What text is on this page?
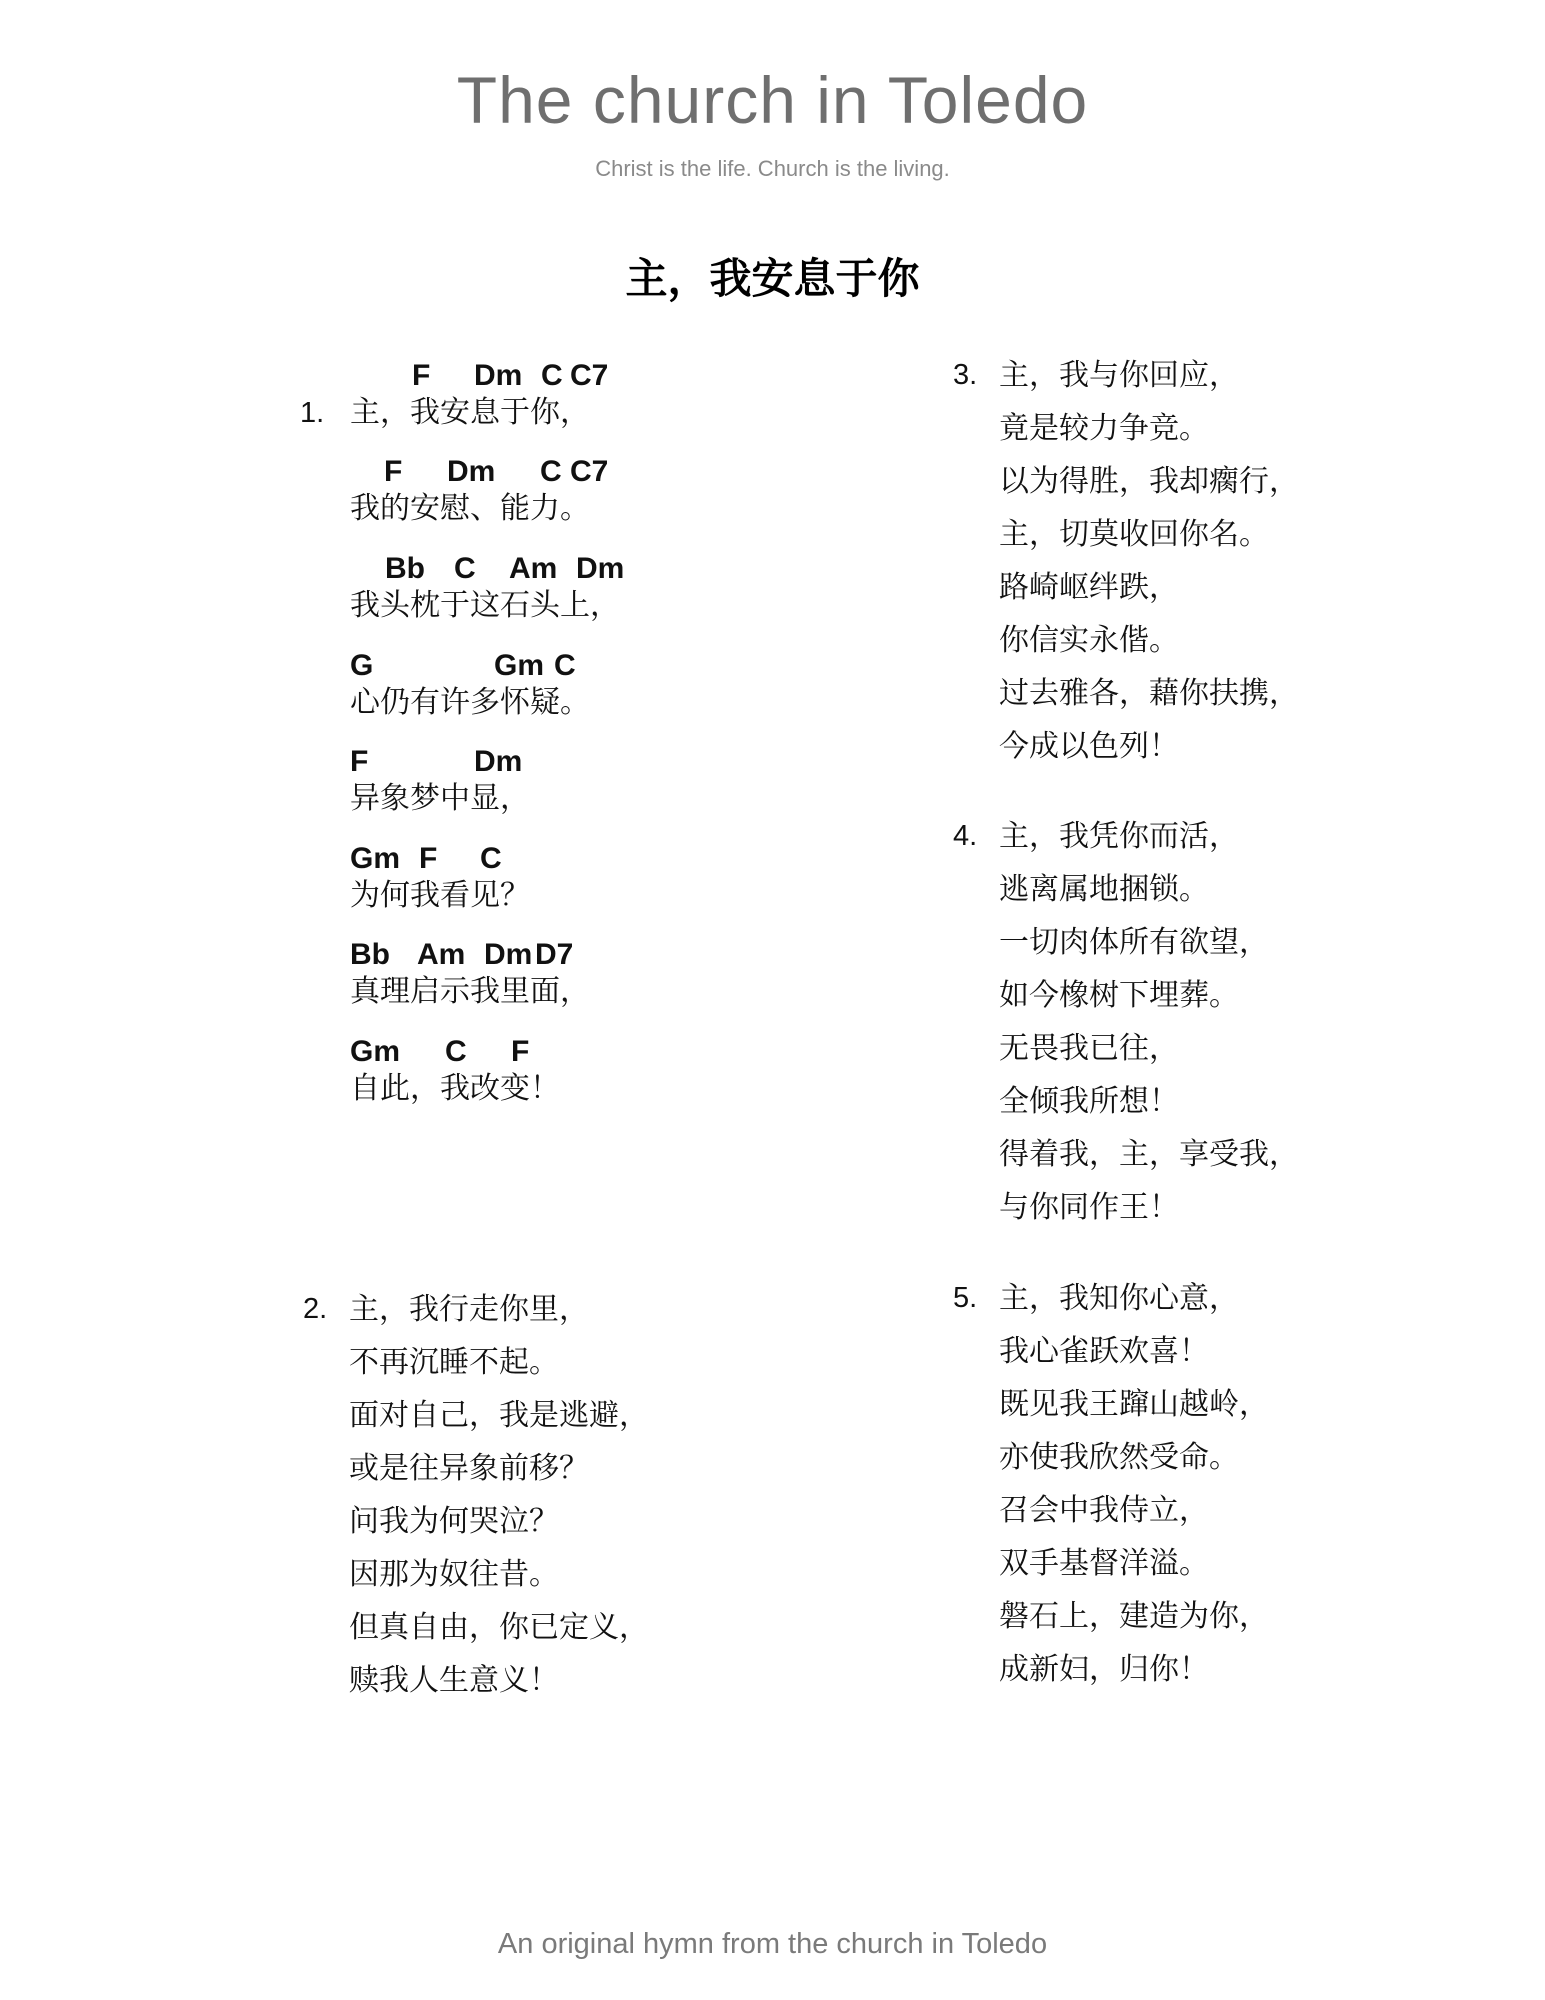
The church in Toledo
Christ is the life. Church is the living.
主，我安息于你
1.
F Dm C C7
主，我安息于你，
F Dm C C7
我的安慰、能力。
Bb C Am Dm
我头枕于这石头上，
G	Gm C
心仍有许多怀疑。
F	Dm
异象梦中显，
Gm F C
为何我看见？
Bb Am Dm D7
真理启示我里面，
Gm C F
自此，我改变！
2. 主，我行走你里，
不再沉睡不起。
面对自己，我是逃避，
或是往异象前移？
问我为何哭泣？
因那为奴往昔。
但真自由，你已定义，
赎我人生意义！
3. 主，我与你回应，
竟是较力争竞。
以为得胜，我却瘸行，
主，切莫收回你名。
路崎岖绊跌，
你信实永偕。
过去雅各，藉你扶携，
今成以色列！
4. 主，我凭你而活，
逃离属地捆锁。
一切肉体所有欲望，
如今橡树下埋葬。
无畏我已往，
全倾我所想！
得着我，主，享受我，
与你同作王！
5. 主，我知你心意，
我心雀跃欢喜！
既见我王蹿山越岭，
亦使我欣然受命。
召会中我侍立，
双手基督洋溢。
磐石上，建造为你，
成新妇，归你！
An original hymn from the church in Toledo
